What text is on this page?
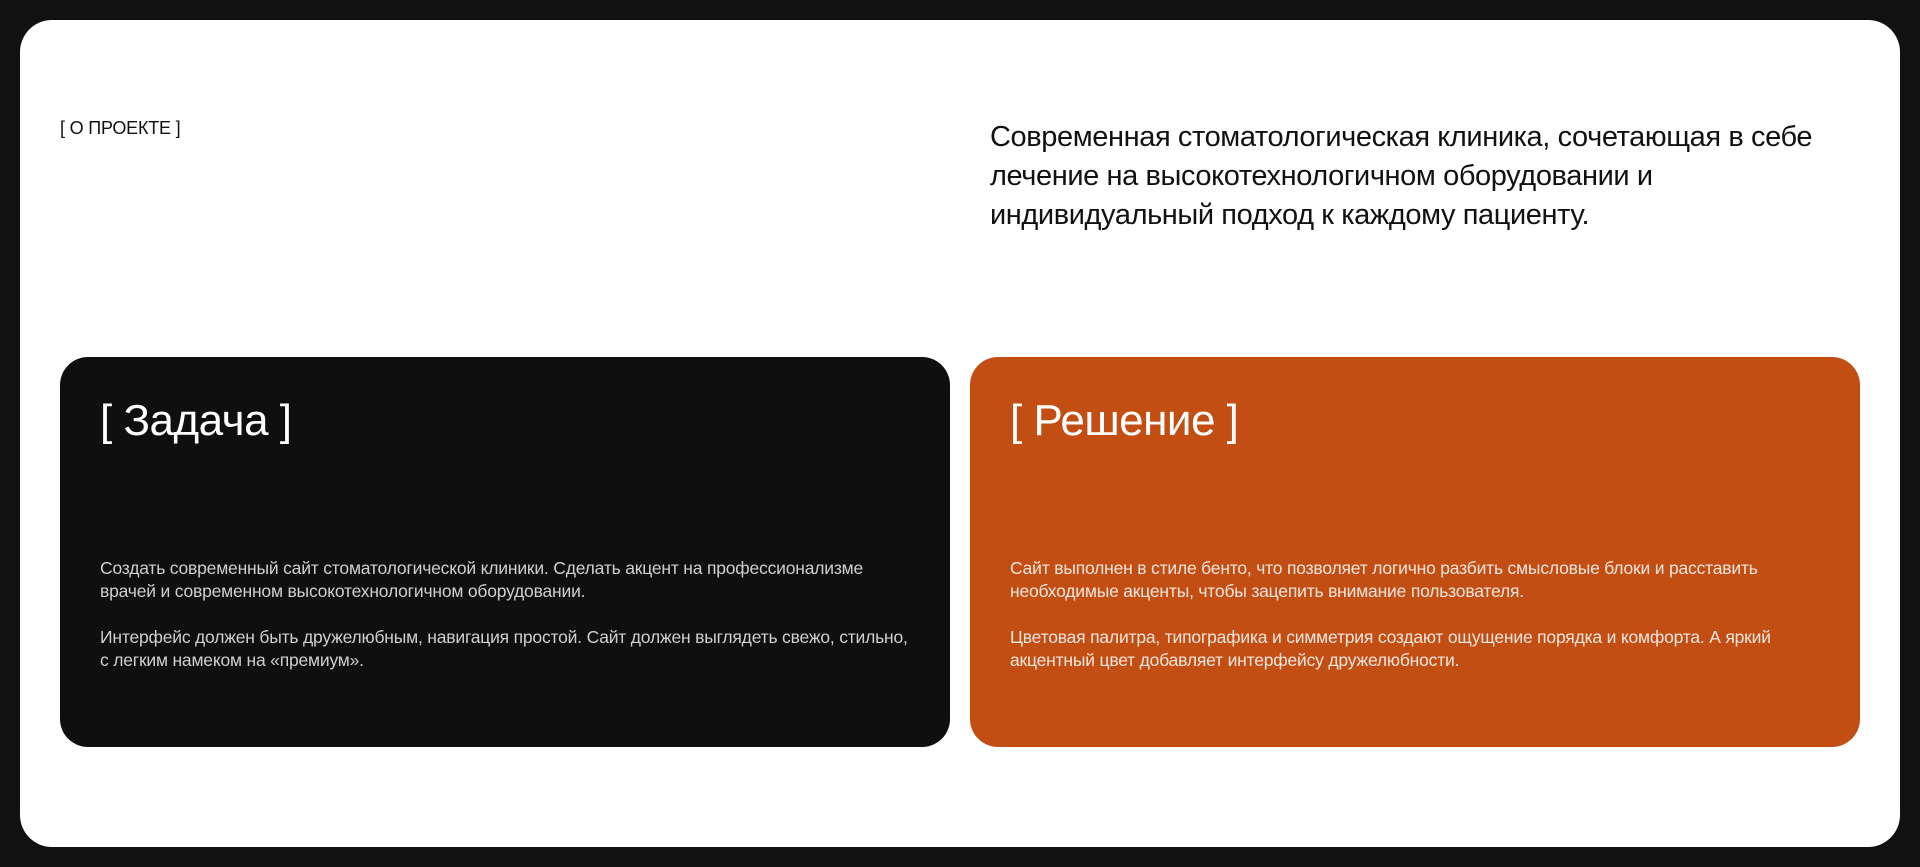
[ О ПРОЕКТЕ ]	Современная стоматологическая клиника, сочетающая в себе лечение на высокотехнологичном оборудовании и индивидуальный подход к каждому пациенту.
[ Задача ]

Создать современный сайт стоматологической клиники. Сделать акцент на профессионализме врачей и современном высокотехнологичном оборудовании.

Интерфейс должен быть дружелюбным, навигация простой. Сайт должен выглядеть свежо, стильно, с легким намеком на «премиум».

[ Решение ]

Сайт выполнен в стиле бенто, что позволяет логично разбить смысловые блоки и расставить необходимые акценты, чтобы зацепить внимание пользователя.

Цветовая палитра, типографика и симметрия создают ощущение порядка и комфорта. А яркий акцентный цвет добавляет интерфейсу дружелюбности.
